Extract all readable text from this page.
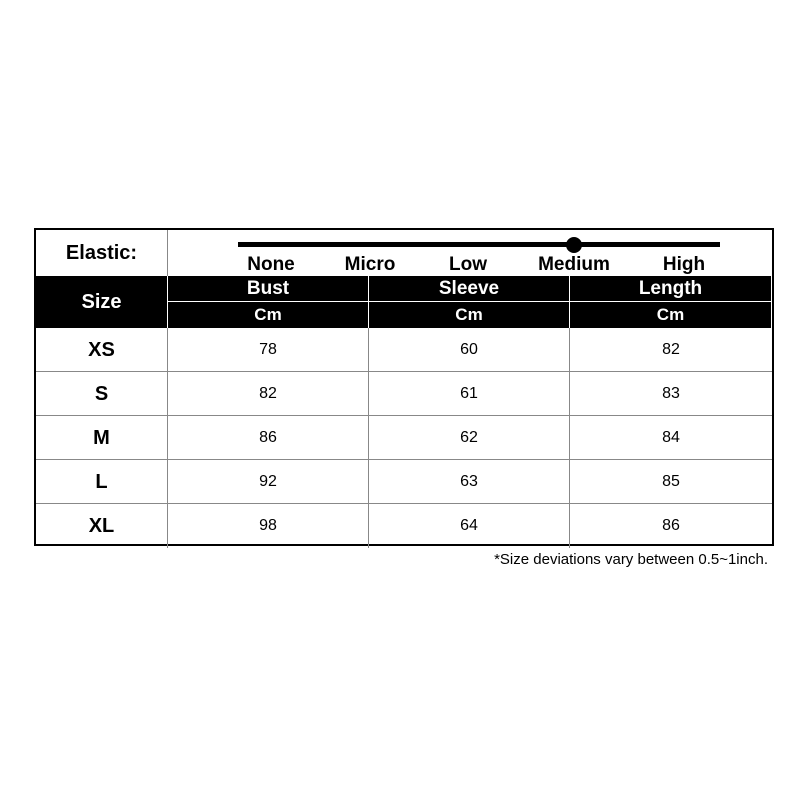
Elastic:
None	Micro	Low	Medium	High
Size
Bust	Sleeve	Length
Cm	Cm	Cm
XS	78	60	82
S	82	61	83
M	86	62	84
L	92	63	85
XL	98	64	86
*Size deviations vary between 0.5~1inch.
